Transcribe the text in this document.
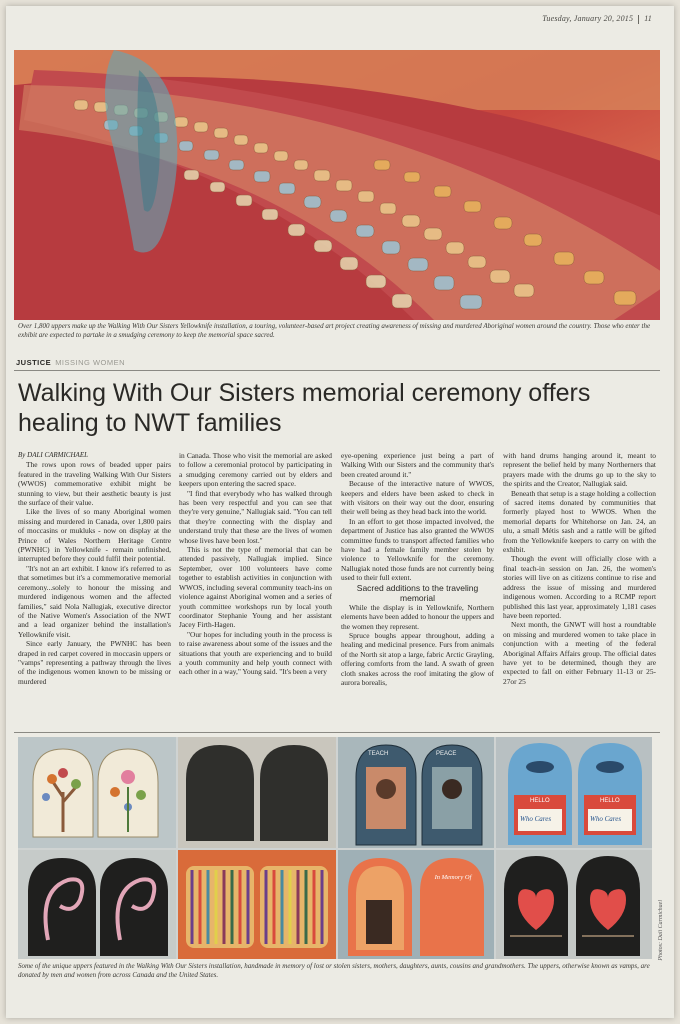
Tuesday, January 20, 2015 11
Over 1,800 uppers make up the Walking With Our Sisters Yellowknife installation, a touring, volunteer-based art project creating awareness of missing and murdered Aboriginal women around the country. Those who enter the exhibit are expected to partake in a smudging ceremony to keep the memorial space sacred.
JUSTICE MISSING WOMEN
Walking With Our Sisters memorial ceremony offers healing to NWT families

By DALI CARMICHAEL

The rows upon rows of beaded upper pairs featured in the traveling Walking With Our Sisters (WWOS) commemorative exhibit might be stunning to view, but their aesthetic beauty is just the surface of their value.

Like the lives of so many Aboriginal women missing and murdered in Canada, over 1,800 pairs of moccasins or mukluks - now on display at the Prince of Wales Northern Heritage Centre (PWNHC) in Yellowknife - remain unfinished, interrupted before they could fulfil their potential.

"It's not an art exhibit. I know it's referred to as that sometimes but it's a commemorative memorial ceremony...solely to honour the missing and murdered indigenous women and the affected families," said Nola Nallugiak, executive director of the Native Women's Association of the NWT and a lead organizer behind the installation's Yellowknife visit.

Since early January, the PWNHC has been draped in red carpet covered in moccasin uppers or "vamps" representing a pathway through the lives of the indigenous women known to be missing or murdered

in Canada. Those who visit the memorial are asked to follow a ceremonial protocol by participating in a smudging ceremony carried out by elders and keepers upon entering the sacred space.

"I find that everybody who has walked through has been very respectful and you can see that they're very genuine," Nallugiak said. "You can tell that they're connecting with the display and understand truly that these are the lives of women whose lives have been lost."

This is not the type of memorial that can be attended passively, Nallugiak implied. Since September, over 100 volunteers have come together to establish activities in conjunction with WWOS, including several community teach-ins on violence against Aboriginal women and a series of youth committee workshops run by local youth coordinator Stephanie Young and her assistant Jacey Firth-Hagen.

"Our hopes for including youth in the process is to raise awareness about some of the issues and the situations that youth are experiencing and to build a youth community and help youth connect with each other in a way," Young said. "It's been a very

eye-opening experience just being a part of Walking With our Sisters and the community that's been created around it."

Because of the interactive nature of WWOS, keepers and elders have been asked to check in with visitors on their way out the door, ensuring their well being as they head back into the world.

In an effort to get those impacted involved, the department of Justice has also granted the WWOS committee funds to transport affected families who have had a female family member stolen by violence to Yellowknife for the ceremony. Nallugiak noted those funds are not currently being used to their full extent.

Sacred additions to the traveling memorial

While the display is in Yellowknife, Northern elements have been added to honour the uppers and the women they represent.

Spruce boughs appear throughout, adding a healing and medicinal presence. Furs from animals of the North sit atop a large, fabric Arctic Grayling, offering comforts from the land. A swath of green cloth snakes across the roof imitating the glow of aurora borealis,

with hand drums hanging around it, meant to represent the belief held by many Northerners that prayers made with the drums go up to the sky to the spirits and the Creator, Nallugiak said.

Beneath that setup is a stage holding a collection of sacred items donated by communities that formerly played host to WWOS. When the memorial departs for Whitehorse on Jan. 24, an ulu, a small Métis sash and a rattle will be gifted from the Yellowknife keepers to carry on with the exhibit.

Though the event will officially close with a final teach-in session on Jan. 26, the women's stories will live on as citizens continue to rise and address the issue of missing and murdered indigenous women. According to a RCMP report published this last year, approximately 1,181 cases have been reported.

Next month, the GNWT will host a roundtable on missing and murdered women to take place in conjunction with a meeting of the federal Aboriginal Affairs Affairs group. The official dates have yet to be determined, though they are expected to fall on either February 11-13 or 25-27or 25

TEACH	PEACE
HELLO	HELLO
Who Cares	Who Cares
In Memory Of
Photos: Dali Carmichael
Some of the unique uppers featured in the Walking With Our Sisters installation, handmade in memory of lost or stolen sisters, mothers, daughters, aunts, cousins and grandmothers. The uppers, otherwise known as vamps, are donated by men and women from across Canada and the United States.
